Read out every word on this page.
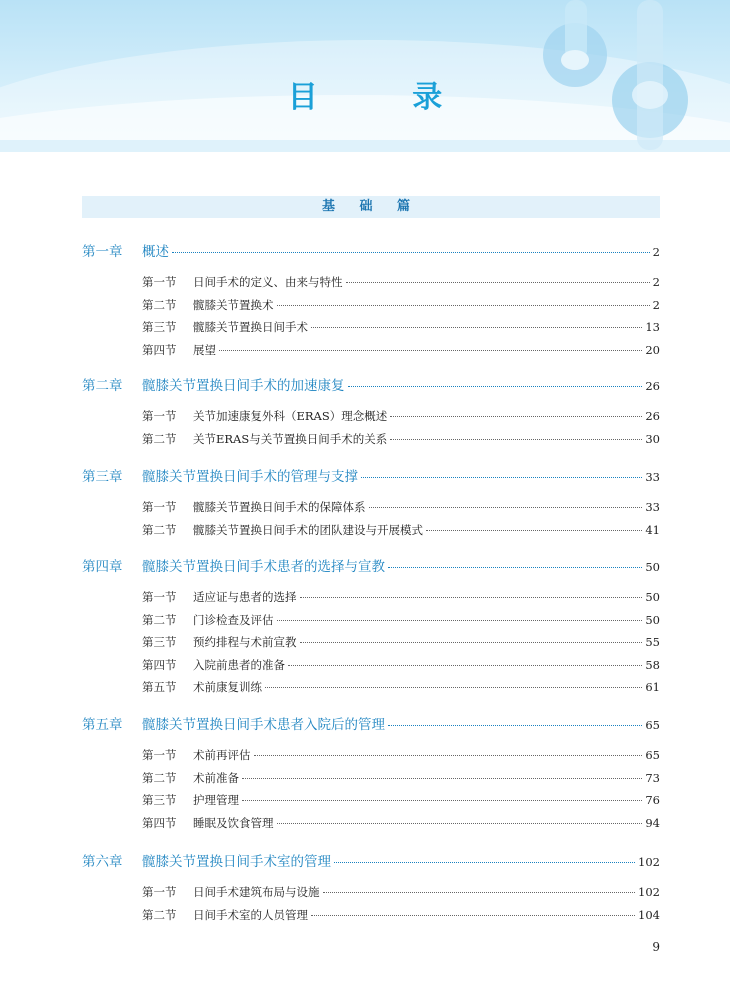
目 录
基 础 篇
第一章	概述	2
第一节	日间手术的定义、由来与特性	2
第二节	髋膝关节置换术	2
第三节	髋膝关节置换日间手术	13
第四节	展望	20
第二章	髋膝关节置换日间手术的加速康复	26
第一节	关节加速康复外科（ERAS）理念概述	26
第二节	关节ERAS与关节置换日间手术的关系	30
第三章	髋膝关节置换日间手术的管理与支撑	33
第一节	髋膝关节置换日间手术的保障体系	33
第二节	髋膝关节置换日间手术的团队建设与开展模式	41
第四章	髋膝关节置换日间手术患者的选择与宣教	50
第一节	适应证与患者的选择	50
第二节	门诊检查及评估	50
第三节	预约排程与术前宣教	55
第四节	入院前患者的准备	58
第五节	术前康复训练	61
第五章	髋膝关节置换日间手术患者入院后的管理	65
第一节	术前再评估	65
第二节	术前准备	73
第三节	护理管理	76
第四节	睡眠及饮食管理	94
第六章	髋膝关节置换日间手术室的管理	102
第一节	日间手术建筑布局与设施	102
第二节	日间手术室的人员管理	104
9
